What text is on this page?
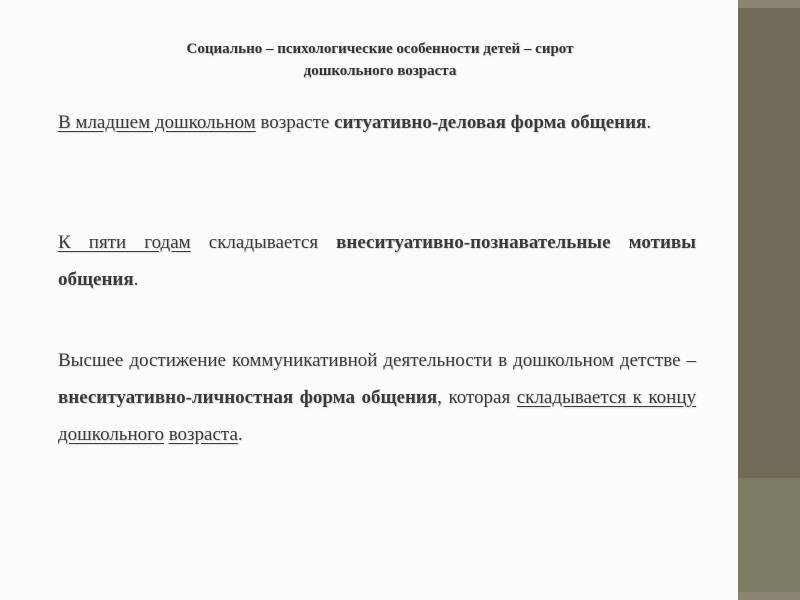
Социально – психологические особенности детей – сирот
дошкольного возраста
В младшем дошкольном возрасте ситуативно-деловая форма общения.
К пяти годам складывается внеситуативно-познавательные мотивы общения.
Высшее достижение коммуникативной деятельности в дошкольном детстве – внеситуативно-личностная форма общения, которая складывается к концу дошкольного возраста.
